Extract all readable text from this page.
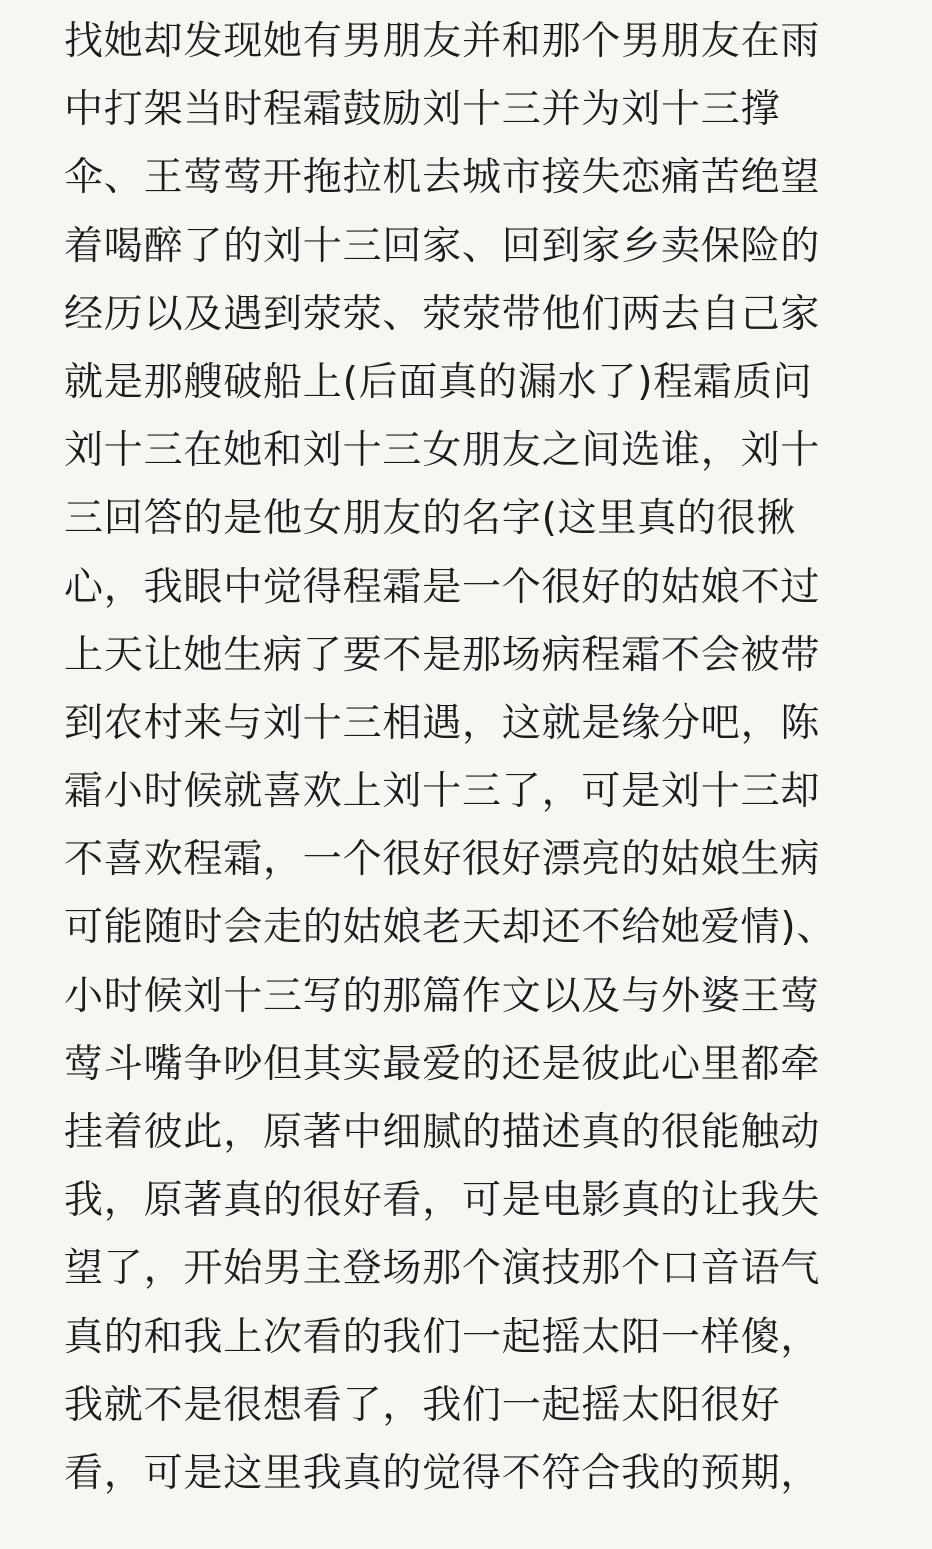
找她却发现她有男朋友并和那个男朋友在雨
中打架当时程霜鼓励刘十三并为刘十三撑
伞、王莺莺开拖拉机去城市接失恋痛苦绝望
着喝醉了的刘十三回家、回到家乡卖保险的
经历以及遇到荥荥、荥荥带他们两去自己家
就是那艘破船上(后面真的漏水了)程霜质问
刘十三在她和刘十三女朋友之间选谁，刘十
三回答的是他女朋友的名字(这里真的很揪
心，我眼中觉得程霜是一个很好的姑娘不过
上天让她生病了要不是那场病程霜不会被带
到农村来与刘十三相遇，这就是缘分吧，陈
霜小时候就喜欢上刘十三了，可是刘十三却
不喜欢程霜，一个很好很好漂亮的姑娘生病
可能随时会走的姑娘老天却还不给她爱情)、
小时候刘十三写的那篇作文以及与外婆王莺
莺斗嘴争吵但其实最爱的还是彼此心里都牵
挂着彼此，原著中细腻的描述真的很能触动
我，原著真的很好看，可是电影真的让我失
望了，开始男主登场那个演技那个口音语气
真的和我上次看的我们一起摇太阳一样傻，
我就不是很想看了，我们一起摇太阳很好
看，可是这里我真的觉得不符合我的预期，
